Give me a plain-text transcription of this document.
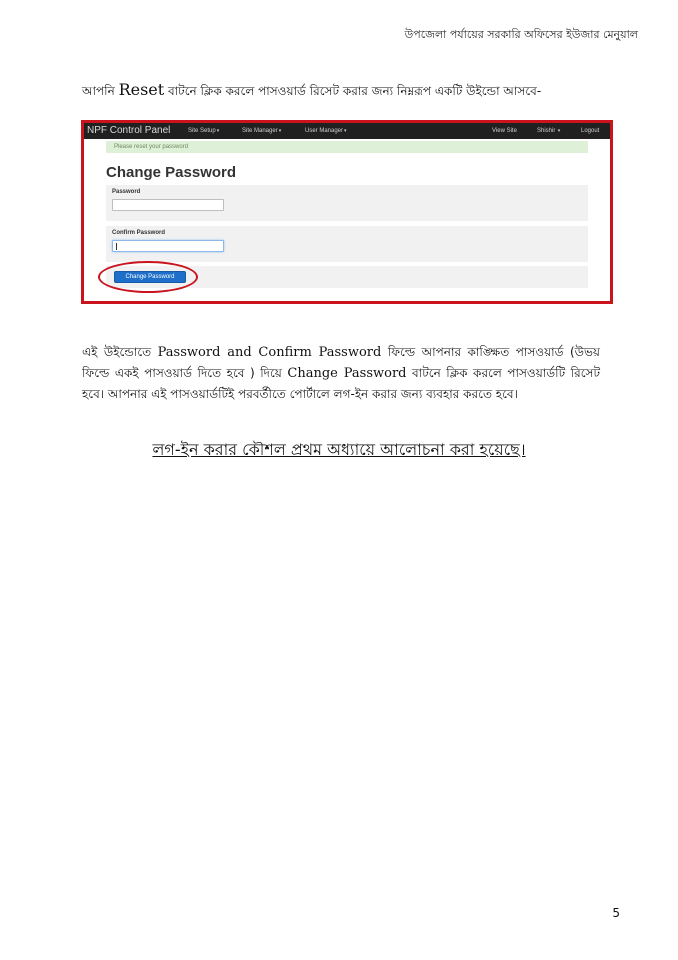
উপজেলা পর্যায়ের সরকারি অফিসের ইউজার মেনুয়াল
আপনি Reset বাটনে ক্লিক করলে পাসওয়ার্ড রিসেট করার জন্য নিম্নরূপ একটি উইন্ডো আসবে-
NPF Control Panel	Site Setup▾	Site Manager▾	User Manager▾	View Site	Shishir ▾	Logout
Please reset your password
Change Password
Password
Confirm Password
Change Password
এই উইন্ডোতে Password and Confirm Password ফিল্ডে আপনার কাঙ্ক্ষিত পাসওয়ার্ড (উভয় ফিল্ডে একই পাসওয়ার্ড দিতে হবে ) দিয়ে Change Password বাটনে ক্লিক করলে পাসওয়ার্ডটি রিসেট হবে। আপনার এই পাসওয়ার্ডটিই পরবর্তীতে পোর্টালে লগ-ইন করার জন্য ব্যবহার করতে হবে।
লগ-ইন করার কৌশল প্রথম অধ্যায়ে আলোচনা করা হয়েছে।
5
